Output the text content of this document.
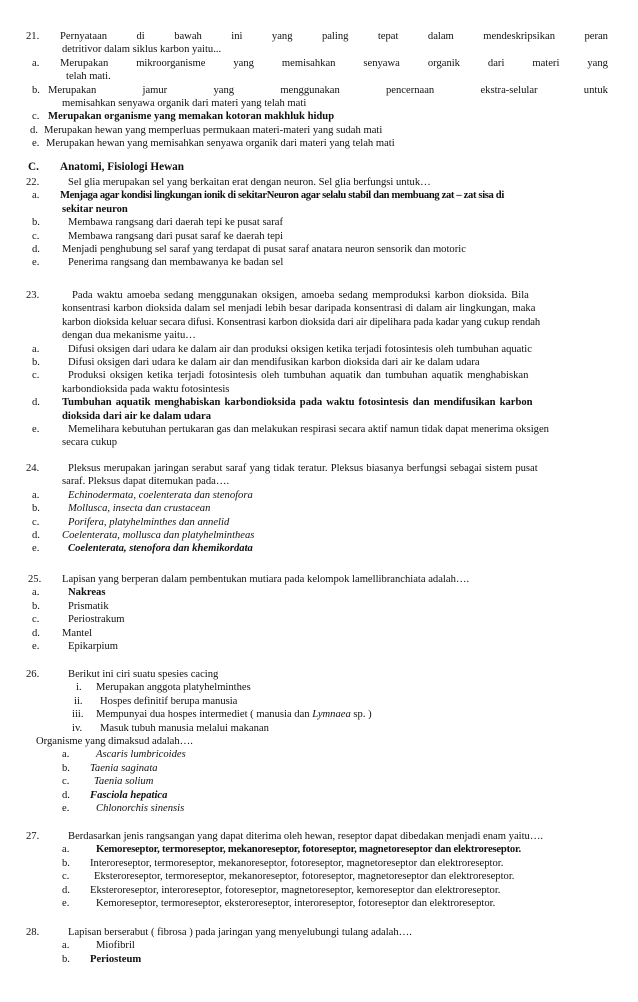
21. Pernyataan	di	bawah	ini	yang	paling	tepat	dalam	mendeskripsikan	peran
detritivor dalam siklus karbon yaitu...
a. Merupakan	mikroorganisme	yang	memisahkan	senyawa	organik	dari	materi	yang
telah mati.
b. Merupakan	jamur	yang	menggunakan	pencernaan	ekstra-selular	untuk
memisahkan senyawa organik dari materi yang telah mati
c. Merupakan organisme yang memakan kotoran makhluk hidup
d. Merupakan hewan yang memperluas permukaan materi-materi yang sudah mati
e. Merupakan hewan yang memisahkan senyawa organik dari materi yang telah mati
C. Anatomi, Fisiologi Hewan
22.	Sel glia merupakan sel yang berkaitan erat dengan neuron. Sel glia berfungsi untuk…
a. Menjaga agar kondisi lingkungan ionik di sekitarNeuron agar selalu stabil dan membuang zat – zat sisa di
sekitar neuron
b.	Membawa rangsang dari daerah tepi ke pusat saraf
c.	Membawa rangsang dari pusat saraf ke daerah tepi
d. Menjadi penghubung sel saraf yang terdapat di pusat saraf anatara neuron sensorik dan motoric
e.	Penerima rangsang dan membawanya ke badan sel
23.	Pada waktu amoeba sedang menggunakan oksigen, amoeba sedang memproduksi karbon dioksida. Bila
konsentrasi karbon dioksida dalam sel menjadi lebih besar daripada konsentrasi di dalam air lingkungan, maka
karbon dioksida keluar secara difusi. Konsentrasi karbon dioksida dari air dipelihara pada kadar yang cukup rendah
dengan dua mekanisme yaitu…
a.	Difusi oksigen dari udara ke dalam air dan produksi oksigen ketika terjadi fotosintesis oleh tumbuhan aquatic
b.	Difusi oksigen dari udara ke dalam air dan mendifusikan karbon dioksida dari air ke dalam udara
c.	Produksi oksigen ketika terjadi fotosintesis oleh tumbuhan aquatik dan tumbuhan aquatik menghabiskan
karbondioksida pada waktu fotosintesis
d. Tumbuhan aquatik menghabiskan karbondioksida pada waktu fotosintesis dan mendifusikan karbon
dioksida dari air ke dalam udara
e.	Memelihara kebutuhan pertukaran gas dan melakukan respirasi secara aktif namun tidak dapat menerima oksigen
secara cukup
24.	Pleksus merupakan jaringan serabut saraf yang tidak teratur. Pleksus biasanya berfungsi sebagai sistem pusat
saraf. Pleksus dapat ditemukan pada….
a.	Echinodermata, coelenterata dan stenofora
b.	Mollusca, insecta dan crustacean
c.	Porifera, platyhelminthes dan annelid
d. Coelenterata, mollusca dan platyhelmintheas
e.	Coelenterata, stenofora dan khemikordata
25. Lapisan yang berperan dalam pembentukan mutiara pada kelompok lamellibranchiata adalah….
a.	Nakreas
b.	Prismatik
c.	Periostrakum
d. Mantel
e.	Epikarpium
26.	Berikut ini ciri suatu spesies cacing
i. Merupakan anggota platyhelminthes
ii. Hospes definitif berupa manusia
iii. Mempunyai dua hospes intermediet ( manusia dan Lymnaea sp. )
iv. Masuk tubuh manusia melalui makanan
Organisme yang dimaksud adalah….
a.	Ascaris lumbricoides
b. Taenia saginata
c. Taenia solium
d. Fasciola hepatica
e.	Chlonorchis sinensis
27.	Berdasarkan jenis rangsangan yang dapat diterima oleh hewan, reseptor dapat dibedakan menjadi enam yaitu….
a.	Kemoreseptor, termoreseptor, mekanoreseptor, fotoreseptor, magnetoreseptor dan elektroreseptor.
b. Interoreseptor, termoreseptor, mekanoreseptor, fotoreseptor, magnetoreseptor dan elektroreseptor.
c. Eksteroreseptor, termoreseptor, mekanoreseptor, fotoreseptor, magnetoreseptor dan elektroreseptor.
d. Eksteroreseptor, interoreseptor, fotoreseptor, magnetoreseptor, kemoreseptor dan elektroreseptor.
e.	Kemoreseptor, termoreseptor, eksteroreseptor, interoreseptor, fotoreseptor dan elektroreseptor.
28.	Lapisan berserabut ( fibrosa ) pada jaringan yang menyelubungi tulang adalah….
a.	Miofibril
b. Periosteum
